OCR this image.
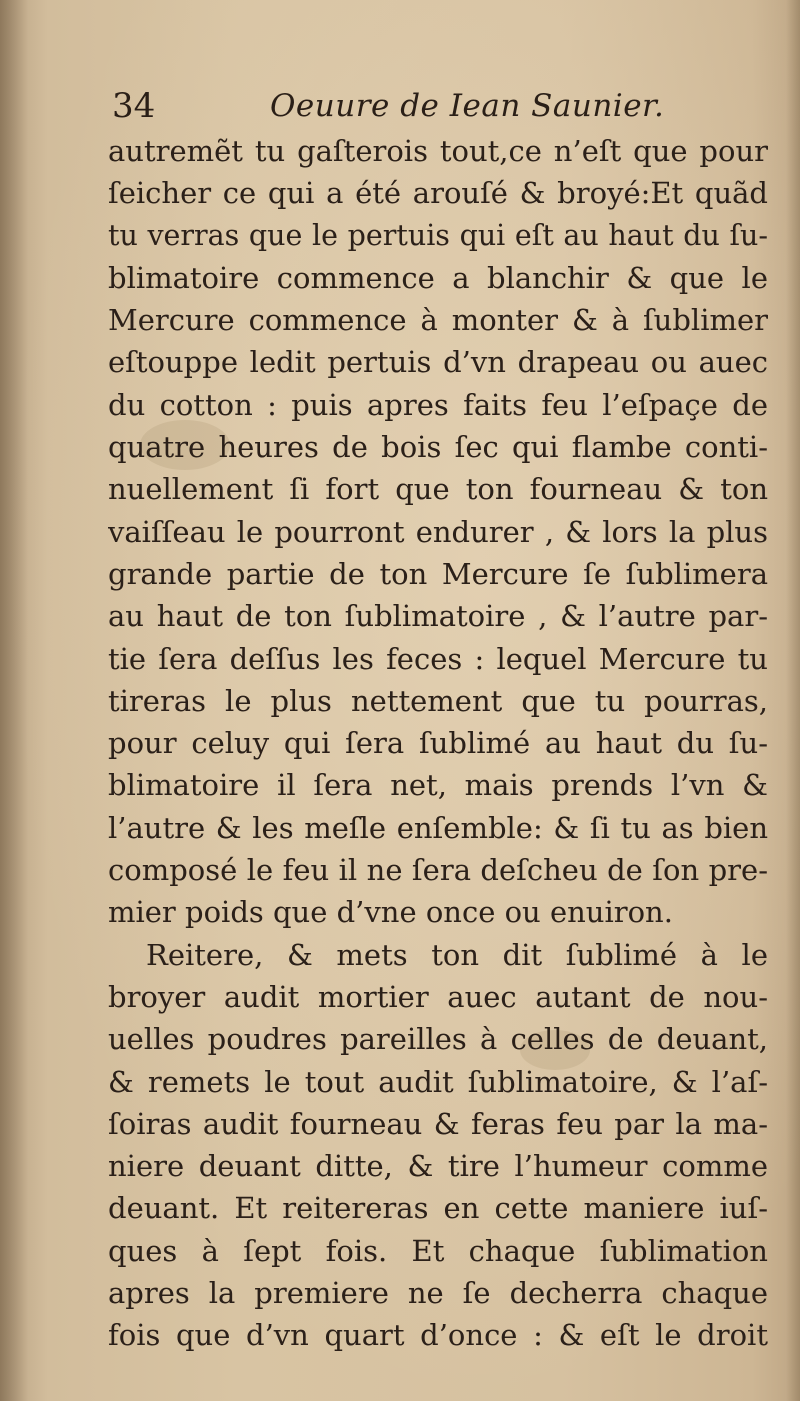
34	Oeuure de Iean Saunier.
autremẽt tu gaſterois tout,ce n’eſt que pour
ſeicher ce qui a été arouſé & broyé:Et quãd
tu verras que le pertuis qui eſt au haut du ſu-
blimatoire commence a blanchir & que le
Mercure commence à monter & à ſublimer
eſtouppe ledit pertuis d’vn drapeau ou auec
du cotton : puis apres faits feu l’eſpaçe de
quatre heures de bois ſec qui flambe conti-
nuellement ſi fort que ton fourneau & ton
vaiſſeau le pourront endurer , & lors la plus
grande partie de ton Mercure ſe ſublimera
au haut de ton ſublimatoire , & l’autre par-
tie ſera deſſus les feces : lequel Mercure tu
tireras le plus nettement que tu pourras,
pour celuy qui ſera ſublimé au haut du ſu-
blimatoire il ſera net, mais prends l’vn &
l’autre & les meſle enſemble: & ſi tu as bien
composé le feu il ne ſera deſcheu de ſon pre-
mier poids que d’vne once ou enuiron.
Reitere, & mets ton dit ſublimé à le
broyer audit mortier auec autant de nou-
uelles poudres pareilles à celles de deuant,
& remets le tout audit ſublimatoire, & l’aſ-
ſoiras audit fourneau & feras feu par la ma-
niere deuant ditte, & tire l’humeur comme
deuant. Et reitereras en cette maniere iuſ-
ques à ſept fois. Et chaque ſublimation
apres la premiere ne ſe decherra chaque
fois que d’vn quart d’once : & eſt le droit
